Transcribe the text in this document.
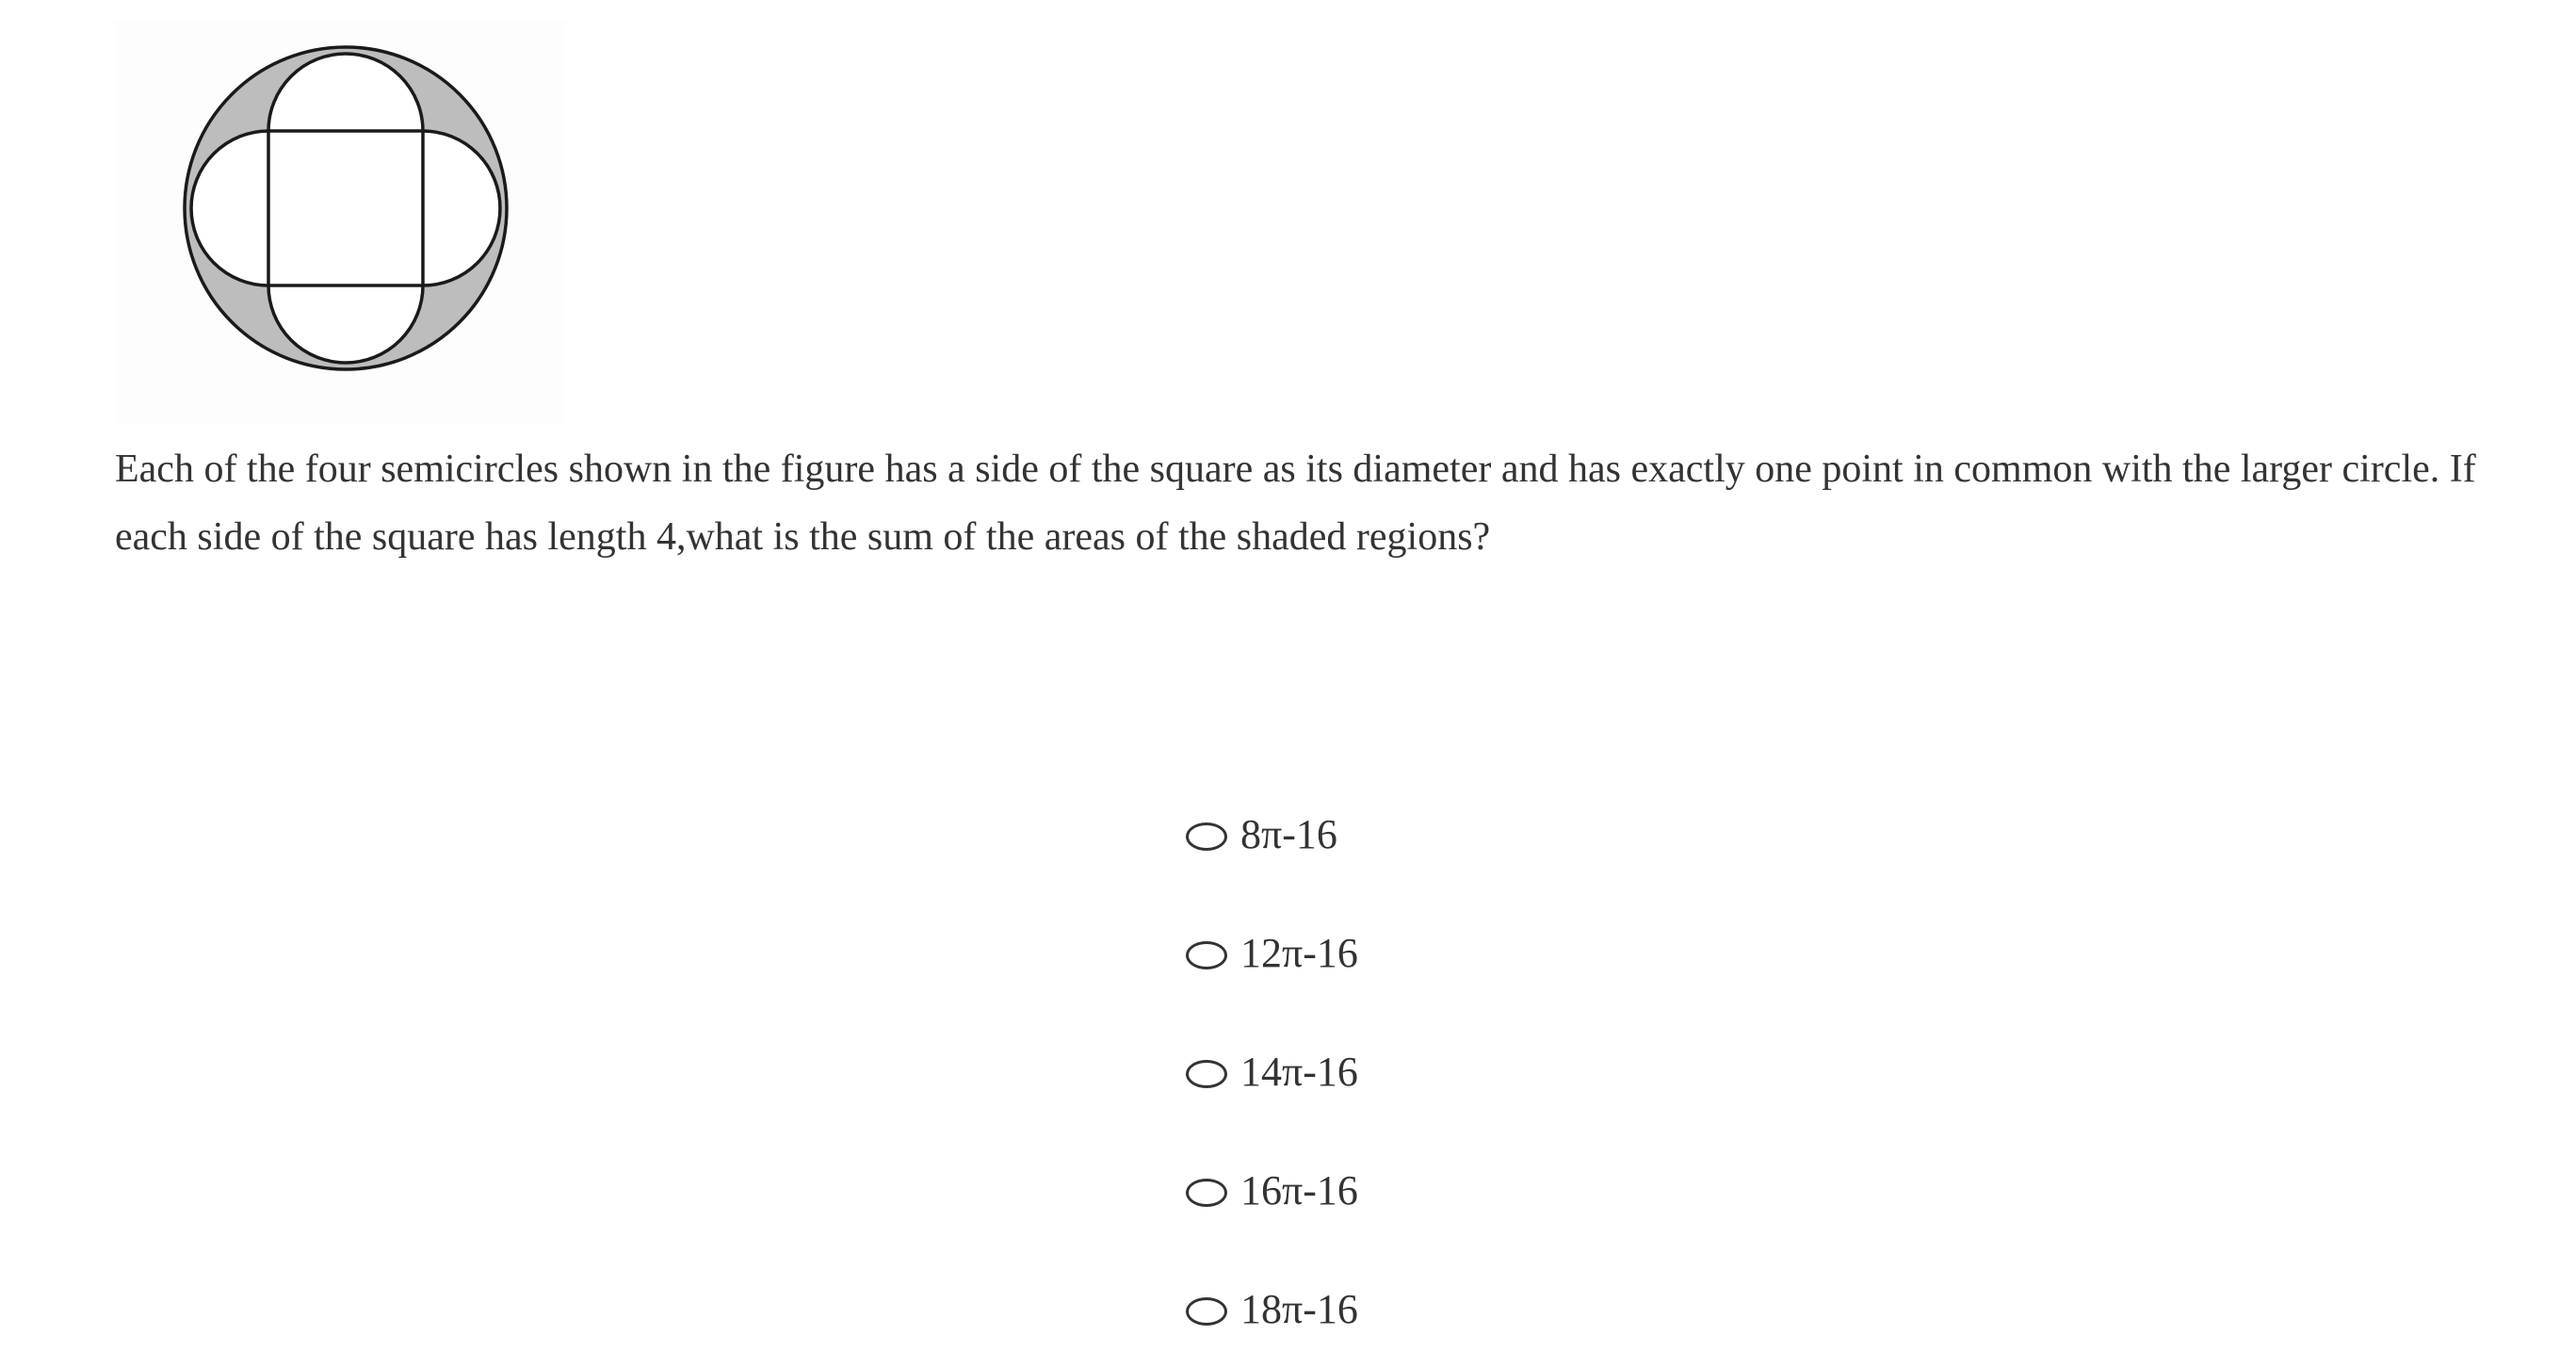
Each of the four semicircles shown in the figure has a side of the square as its diameter and has exactly one point in common with the larger circle. If each side of the square has length 4,what is the sum of the areas of the shaded regions?

8π-16
12π-16
14π-16
16π-16
18π-16
